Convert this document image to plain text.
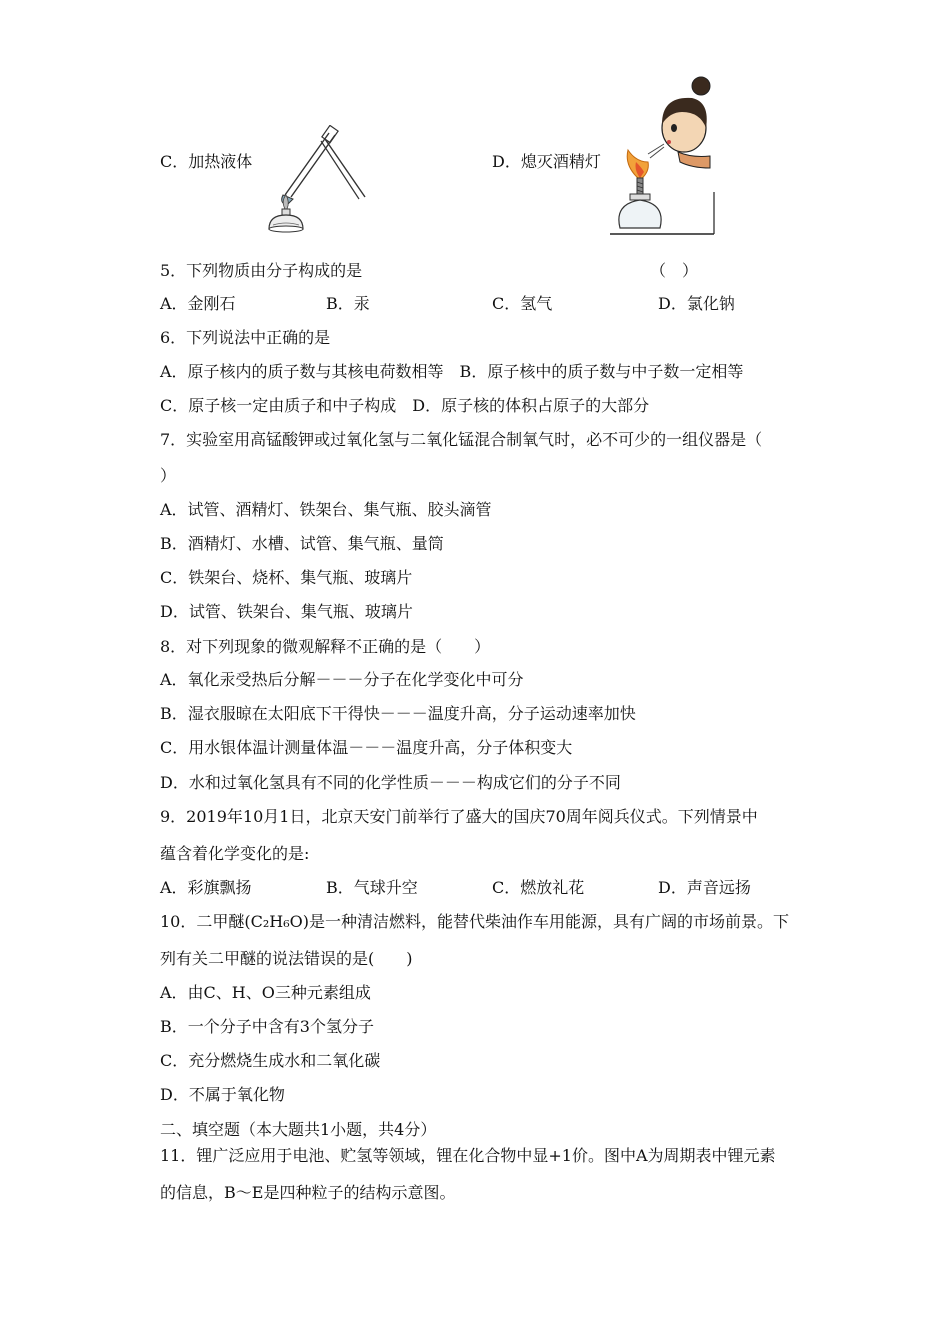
C．加热液体	D．熄灭酒精灯
5．下列物质由分子构成的是	（　）
A．金刚石	B．汞	C．氢气	D．氯化钠
6．下列说法中正确的是
A．原子核内的质子数与其核电荷数相等　B．原子核中的质子数与中子数一定相等
C．原子核一定由质子和中子构成　D．原子核的体积占原子的大部分
7．实验室用高锰酸钾或过氧化氢与二氧化锰混合制氧气时，必不可少的一组仪器是（
）
A．试管、酒精灯、铁架台、集气瓶、胶头滴管
B．酒精灯、水槽、试管、集气瓶、量筒
C．铁架台、烧杯、集气瓶、玻璃片
D．试管、铁架台、集气瓶、玻璃片
8．对下列现象的微观解释不正确的是（　　）
A．氧化汞受热后分解－－－分子在化学变化中可分
B．湿衣服晾在太阳底下干得快－－－温度升高，分子运动速率加快
C．用水银体温计测量体温－－－温度升高，分子体积变大
D．水和过氧化氢具有不同的化学性质－－－构成它们的分子不同
9．2019年10月1日，北京天安门前举行了盛大的国庆70周年阅兵仪式。下列情景中
蕴含着化学变化的是:
A．彩旗飘扬	B．气球升空	C．燃放礼花	D．声音远扬
10．二甲醚(C₂H₆O)是一种清洁燃料，能替代柴油作车用能源，具有广阔的市场前景。下
列有关二甲醚的说法错误的是(　　)
A．由C、H、O三种元素组成
B．一个分子中含有3个氢分子
C．充分燃烧生成水和二氧化碳
D．不属于氧化物
二、填空题（本大题共1小题，共4分）
11．锂广泛应用于电池、贮氢等领域，锂在化合物中显+1价。图中A为周期表中锂元素
的信息，B～E是四种粒子的结构示意图。
